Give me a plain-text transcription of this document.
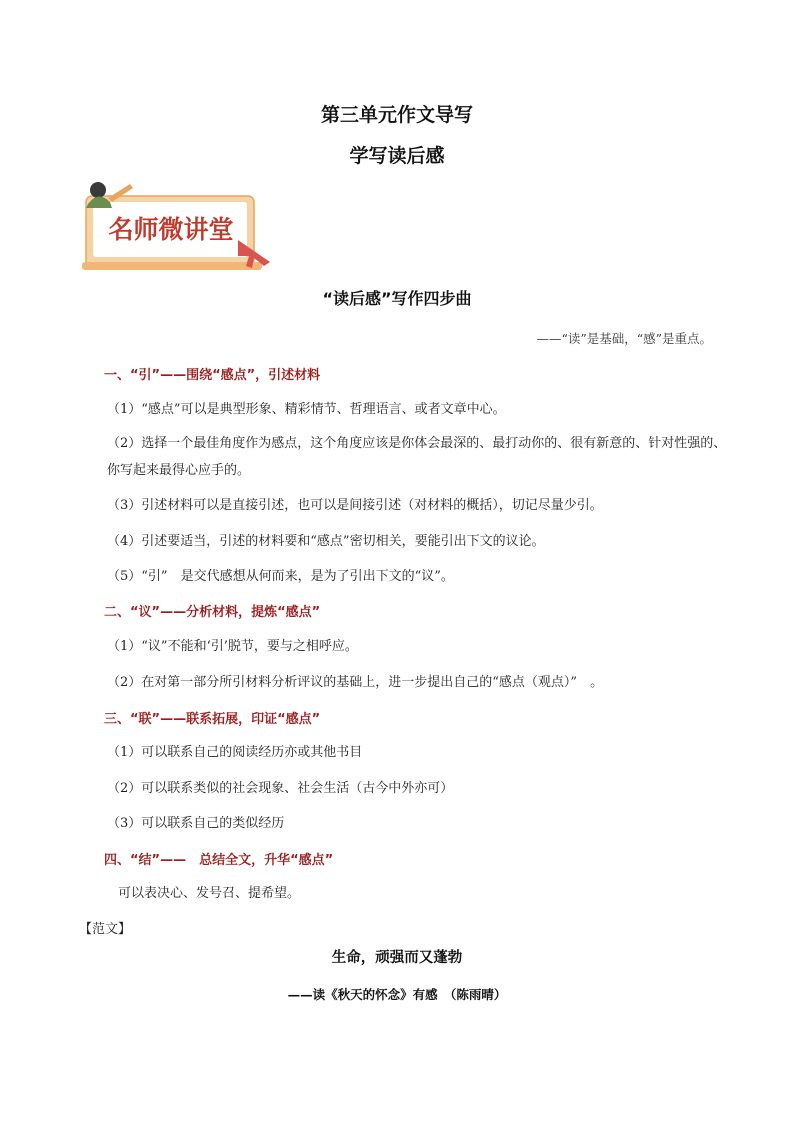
第三单元作文导写
学写读后感
名师微讲堂
“读后感”写作四步曲
——“读”是基础，“感”是重点。
一、“引”——围绕“感点”，引述材料
（1）“感点”可以是典型形象、精彩情节、哲理语言、或者文章中心。
（2）选择一个最佳角度作为感点，这个角度应该是你体会最深的、最打动你的、很有新意的、针对性强的、你写起来最得心应手的。
（3）引述材料可以是直接引述，也可以是间接引述（对材料的概括），切记尽量少引。
（4）引述要适当，引述的材料要和“感点”密切相关，要能引出下文的议论。
（5）“引”　是交代感想从何而来，是为了引出下文的“议”。
二、“议”——分析材料，提炼“感点”
（1）“议”不能和‘引’脱节，要与之相呼应。
（2）在对第一部分所引材料分析评议的基础上，进一步提出自己的“感点（观点）”　。
三、“联”——联系拓展，印证“感点”
（1）可以联系自己的阅读经历亦或其他书目
（2）可以联系类似的社会现象、社会生活（古今中外亦可）
（3）可以联系自己的类似经历
四、“结”——　总结全文，升华“感点”
可以表决心、发号召、提希望。
【范文】
生命，顽强而又蓬勃
——读《秋天的怀念》有感　（陈雨晴）
